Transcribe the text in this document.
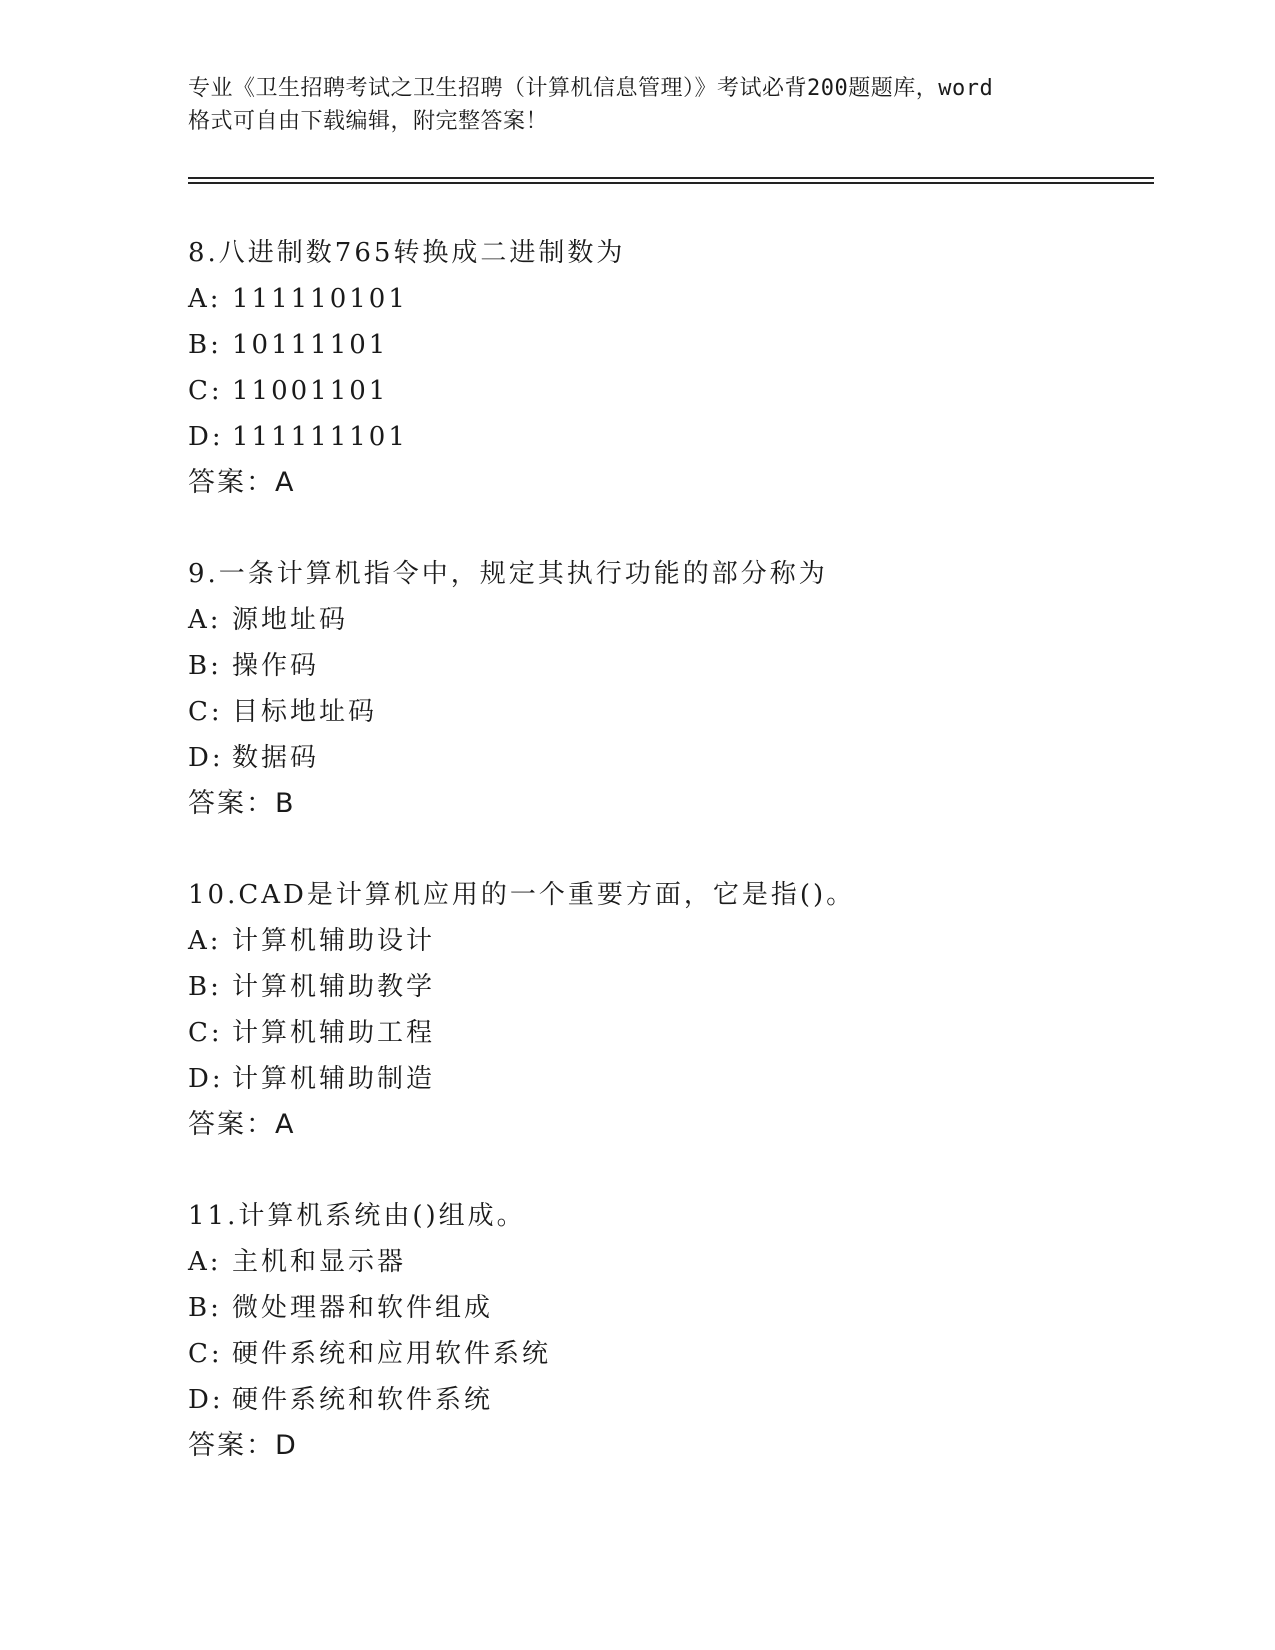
专业《卫生招聘考试之卫生招聘（计算机信息管理）》考试必背200题题库，word
格式可自由下载编辑，附完整答案！
8.八进制数765转换成二进制数为
A: 111110101
B: 10111101
C: 11001101
D: 111111101
答案：A
9.一条计算机指令中，规定其执行功能的部分称为
A: 源地址码
B: 操作码
C: 目标地址码
D: 数据码
答案：B
10.CAD是计算机应用的一个重要方面，它是指()。
A: 计算机辅助设计
B: 计算机辅助教学
C: 计算机辅助工程
D: 计算机辅助制造
答案：A
11.计算机系统由()组成。
A: 主机和显示器
B: 微处理器和软件组成
C: 硬件系统和应用软件系统
D: 硬件系统和软件系统
答案：D
